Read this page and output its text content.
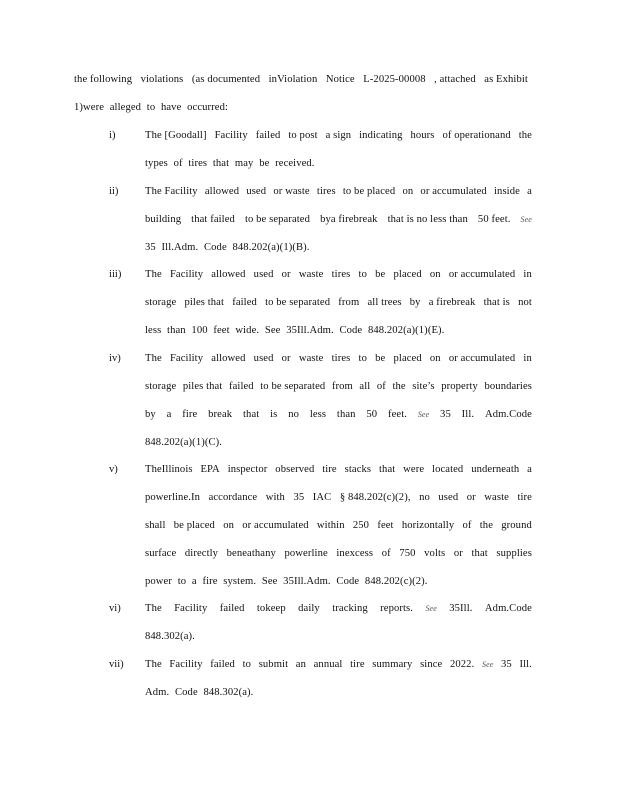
the following violations (as documented inViolation Notice L-2025-00008 , attached as Exhibit
1)were alleged to have occurred:
i)	The [Goodall] Facility failed to post a sign indicating hours of operationand the
types of tires that may be received.
ii)	The Facility allowed used or waste tires to be placed on or accumulated inside a
building that failed to be separated bya firebreak that is no less than 50 feet. See
35 Ill.Adm. Code 848.202(a)(1)(B).
iii) The Facility allowed used or waste tires to be placed on or accumulated in
storage piles that failed to be separated from all trees by a firebreak that is not
less than 100 feet wide. See 35Ill.Adm. Code 848.202(a)(1)(E).
iv) The Facility allowed used or waste tires to be placed on or accumulated in
storage piles that failed to be separated from all of the site’s property boundaries
by a fire break that is no less than 50 feet. See 35 Ill. Adm.Code
848.202(a)(1)(C).
v)	TheIllinois EPA inspector observed tire stacks that were located underneath a
powerline.In accordance with 35 IAC § 848.202(c)(2), no used or waste tire
shall be placed on or accumulated within 250 feet horizontally of the ground
surface directly beneathany powerline inexcess of 750 volts or that supplies
power to a fire system. See 35Ill.Adm. Code 848.202(c)(2).
vi) The Facility failed tokeep daily tracking reports. See 35Ill. Adm.Code
848.302(a).
vii) The Facility failed to submit an annual tire summary since 2022. See 35 Ill.
Adm. Code 848.302(a).
